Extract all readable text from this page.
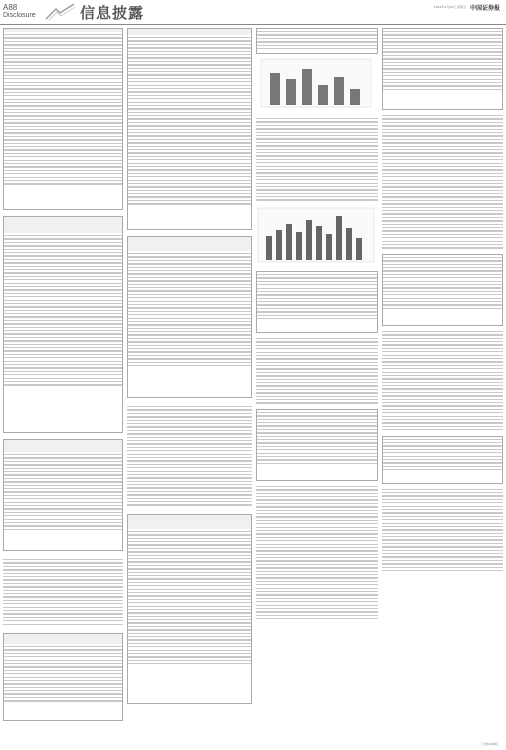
A88
Disclosure	信息披露	2022年4月29日 星期五 中国证券报
（下转A89版）
